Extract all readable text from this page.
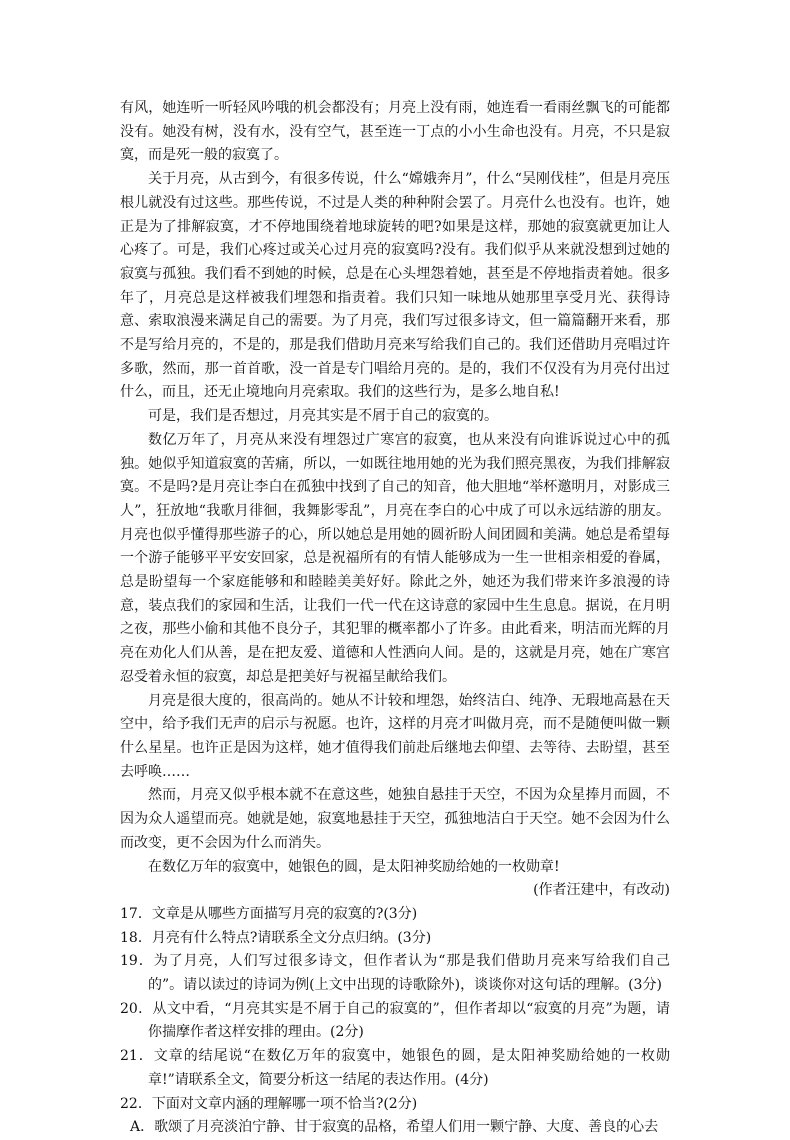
有风，她连听一听轻风吟哦的机会都没有；月亮上没有雨，她连看一看雨丝飘飞的可能都没有。她没有树，没有水，没有空气，甚至连一丁点的小小生命也没有。月亮，不只是寂寞，而是死一般的寂寞了。

关于月亮，从古到今，有很多传说，什么“嫦娥奔月”，什么“吴刚伐桂”，但是月亮压根儿就没有过这些。那些传说，不过是人类的种种附会罢了。月亮什么也没有。也许，她正是为了排解寂寞，才不停地围绕着地球旋转的吧?如果是这样，那她的寂寞就更加让人心疼了。可是，我们心疼过或关心过月亮的寂寞吗?没有。我们似乎从来就没想到过她的寂寞与孤独。我们看不到她的时候，总是在心头埋怨着她，甚至是不停地指责着她。很多年了，月亮总是这样被我们埋怨和指责着。我们只知一味地从她那里享受月光、获得诗意、索取浪漫来满足自己的需要。为了月亮，我们写过很多诗文，但一篇篇翻开来看，那不是写给月亮的，不是的，那是我们借助月亮来写给我们自己的。我们还借助月亮唱过许多歌，然而，那一首首歌，没一首是专门唱给月亮的。是的，我们不仅没有为月亮付出过什么，而且，还无止境地向月亮索取。我们的这些行为，是多么地自私!

可是，我们是否想过，月亮其实是不屑于自己的寂寞的。

数亿万年了，月亮从来没有埋怨过广寒宫的寂寞，也从来没有向谁诉说过心中的孤独。她似乎知道寂寞的苦痛，所以，一如既往地用她的光为我们照亮黑夜，为我们排解寂寞。不是吗?是月亮让李白在孤独中找到了自己的知音，他大胆地“举杯邀明月，对影成三人”，狂放地“我歌月徘徊，我舞影零乱”，月亮在李白的心中成了可以永远结游的朋友。月亮也似乎懂得那些游子的心，所以她总是用她的圆祈盼人间团圆和美满。她总是希望每一个游子能够平平安安回家，总是祝福所有的有情人能够成为一生一世相亲相爱的眷属，总是盼望每一个家庭能够和和睦睦美美好好。除此之外，她还为我们带来许多浪漫的诗意，装点我们的家园和生活，让我们一代一代在这诗意的家园中生生息息。据说，在月明之夜，那些小偷和其他不良分子，其犯罪的概率都小了许多。由此看来，明洁而光辉的月亮在劝化人们从善，是在把友爱、道德和人性洒向人间。是的，这就是月亮，她在广寒宫忍受着永恒的寂寞，却总是把美好与祝福呈献给我们。

月亮是很大度的，很高尚的。她从不计较和埋怨，始终洁白、纯净、无瑕地高悬在天空中，给予我们无声的启示与祝愿。也许，这样的月亮才叫做月亮，而不是随便叫做一颗什么星星。也许正是因为这样，她才值得我们前赴后继地去仰望、去等待、去盼望，甚至去呼唤……

然而，月亮又似乎根本就不在意这些，她独自悬挂于天空，不因为众星捧月而圆，不因为众人遥望而亮。她就是她，寂寞地悬挂于天空，孤独地洁白于天空。她不会因为什么而改变，更不会因为什么而消失。

在数亿万年的寂寞中，她银色的圆，是太阳神奖励给她的一枚勋章!

(作者汪建中，有改动)

17．文章是从哪些方面描写月亮的寂寞的?(3分)

18．月亮有什么特点?请联系全文分点归纳。(3分)

19．为了月亮，人们写过很多诗文，但作者认为“那是我们借助月亮来写给我们自己的”。请以读过的诗词为例(上文中出现的诗歌除外)，谈谈你对这句话的理解。(3分)

20．从文中看，“月亮其实是不屑于自己的寂寞的”，但作者却以“寂寞的月亮”为题，请你揣摩作者这样安排的理由。(2分)

21．文章的结尾说“在数亿万年的寂寞中，她银色的圆，是太阳神奖励给她的一枚勋章!”请联系全文，简要分析这一结尾的表达作用。(4分)

22．下面对文章内涵的理解哪一项不恰当?(2分)

A．歌颂了月亮淡泊宁静、甘于寂寞的品格，希望人们用一颗宁静、大度、善良的心去
